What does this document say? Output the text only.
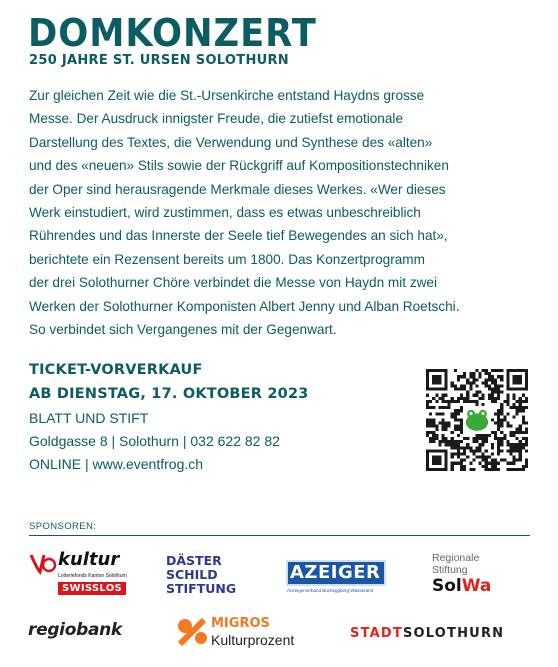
DOMKONZERT
250 JAHRE ST. URSEN SOLOTHURN
Zur gleichen Zeit wie die St.-Ursenkirche entstand Haydns grosse
Messe. Der Ausdruck innigster Freude, die zutiefst emotionale
Darstellung des Textes, die Verwendung und Synthese des «alten»
und des «neuen» Stils sowie der Rückgriff auf Kompositionstechniken
der Oper sind herausragende Merkmale dieses Werkes. «Wer dieses
Werk einstudiert, wird zustimmen, dass es etwas unbeschreiblich
Rührendes und das Innerste der Seele tief Bewegendes an sich hat»,
berichtete ein Rezensent bereits um 1800. Das Konzertprogramm
der drei Solothurner Chöre verbindet die Messe von Haydn mit zwei
Werken der Solothurner Komponisten Albert Jenny und Alban Roetschi.
So verbindet sich Vergangenes mit der Gegenwart.
TICKET-VORVERKAUF
AB DIENSTAG, 17. OKTOBER 2023
BLATT UND STIFT
Goldgasse 8 | Solothurn | 032 622 82 82
ONLINE | www.eventfrog.ch
SPONSOREN:
kultur
Lotteriefonds Kanton Solothurn
SWISSLOS
DÄSTER
SCHILD
STIFTUNG
AZEIGER
Anzeigerverband Bucheggberg-Wasseramt
Regionale
Stiftung
SolWa
regiobank	MIGROS
Kulturprozent	STADTSOLOTHURN
